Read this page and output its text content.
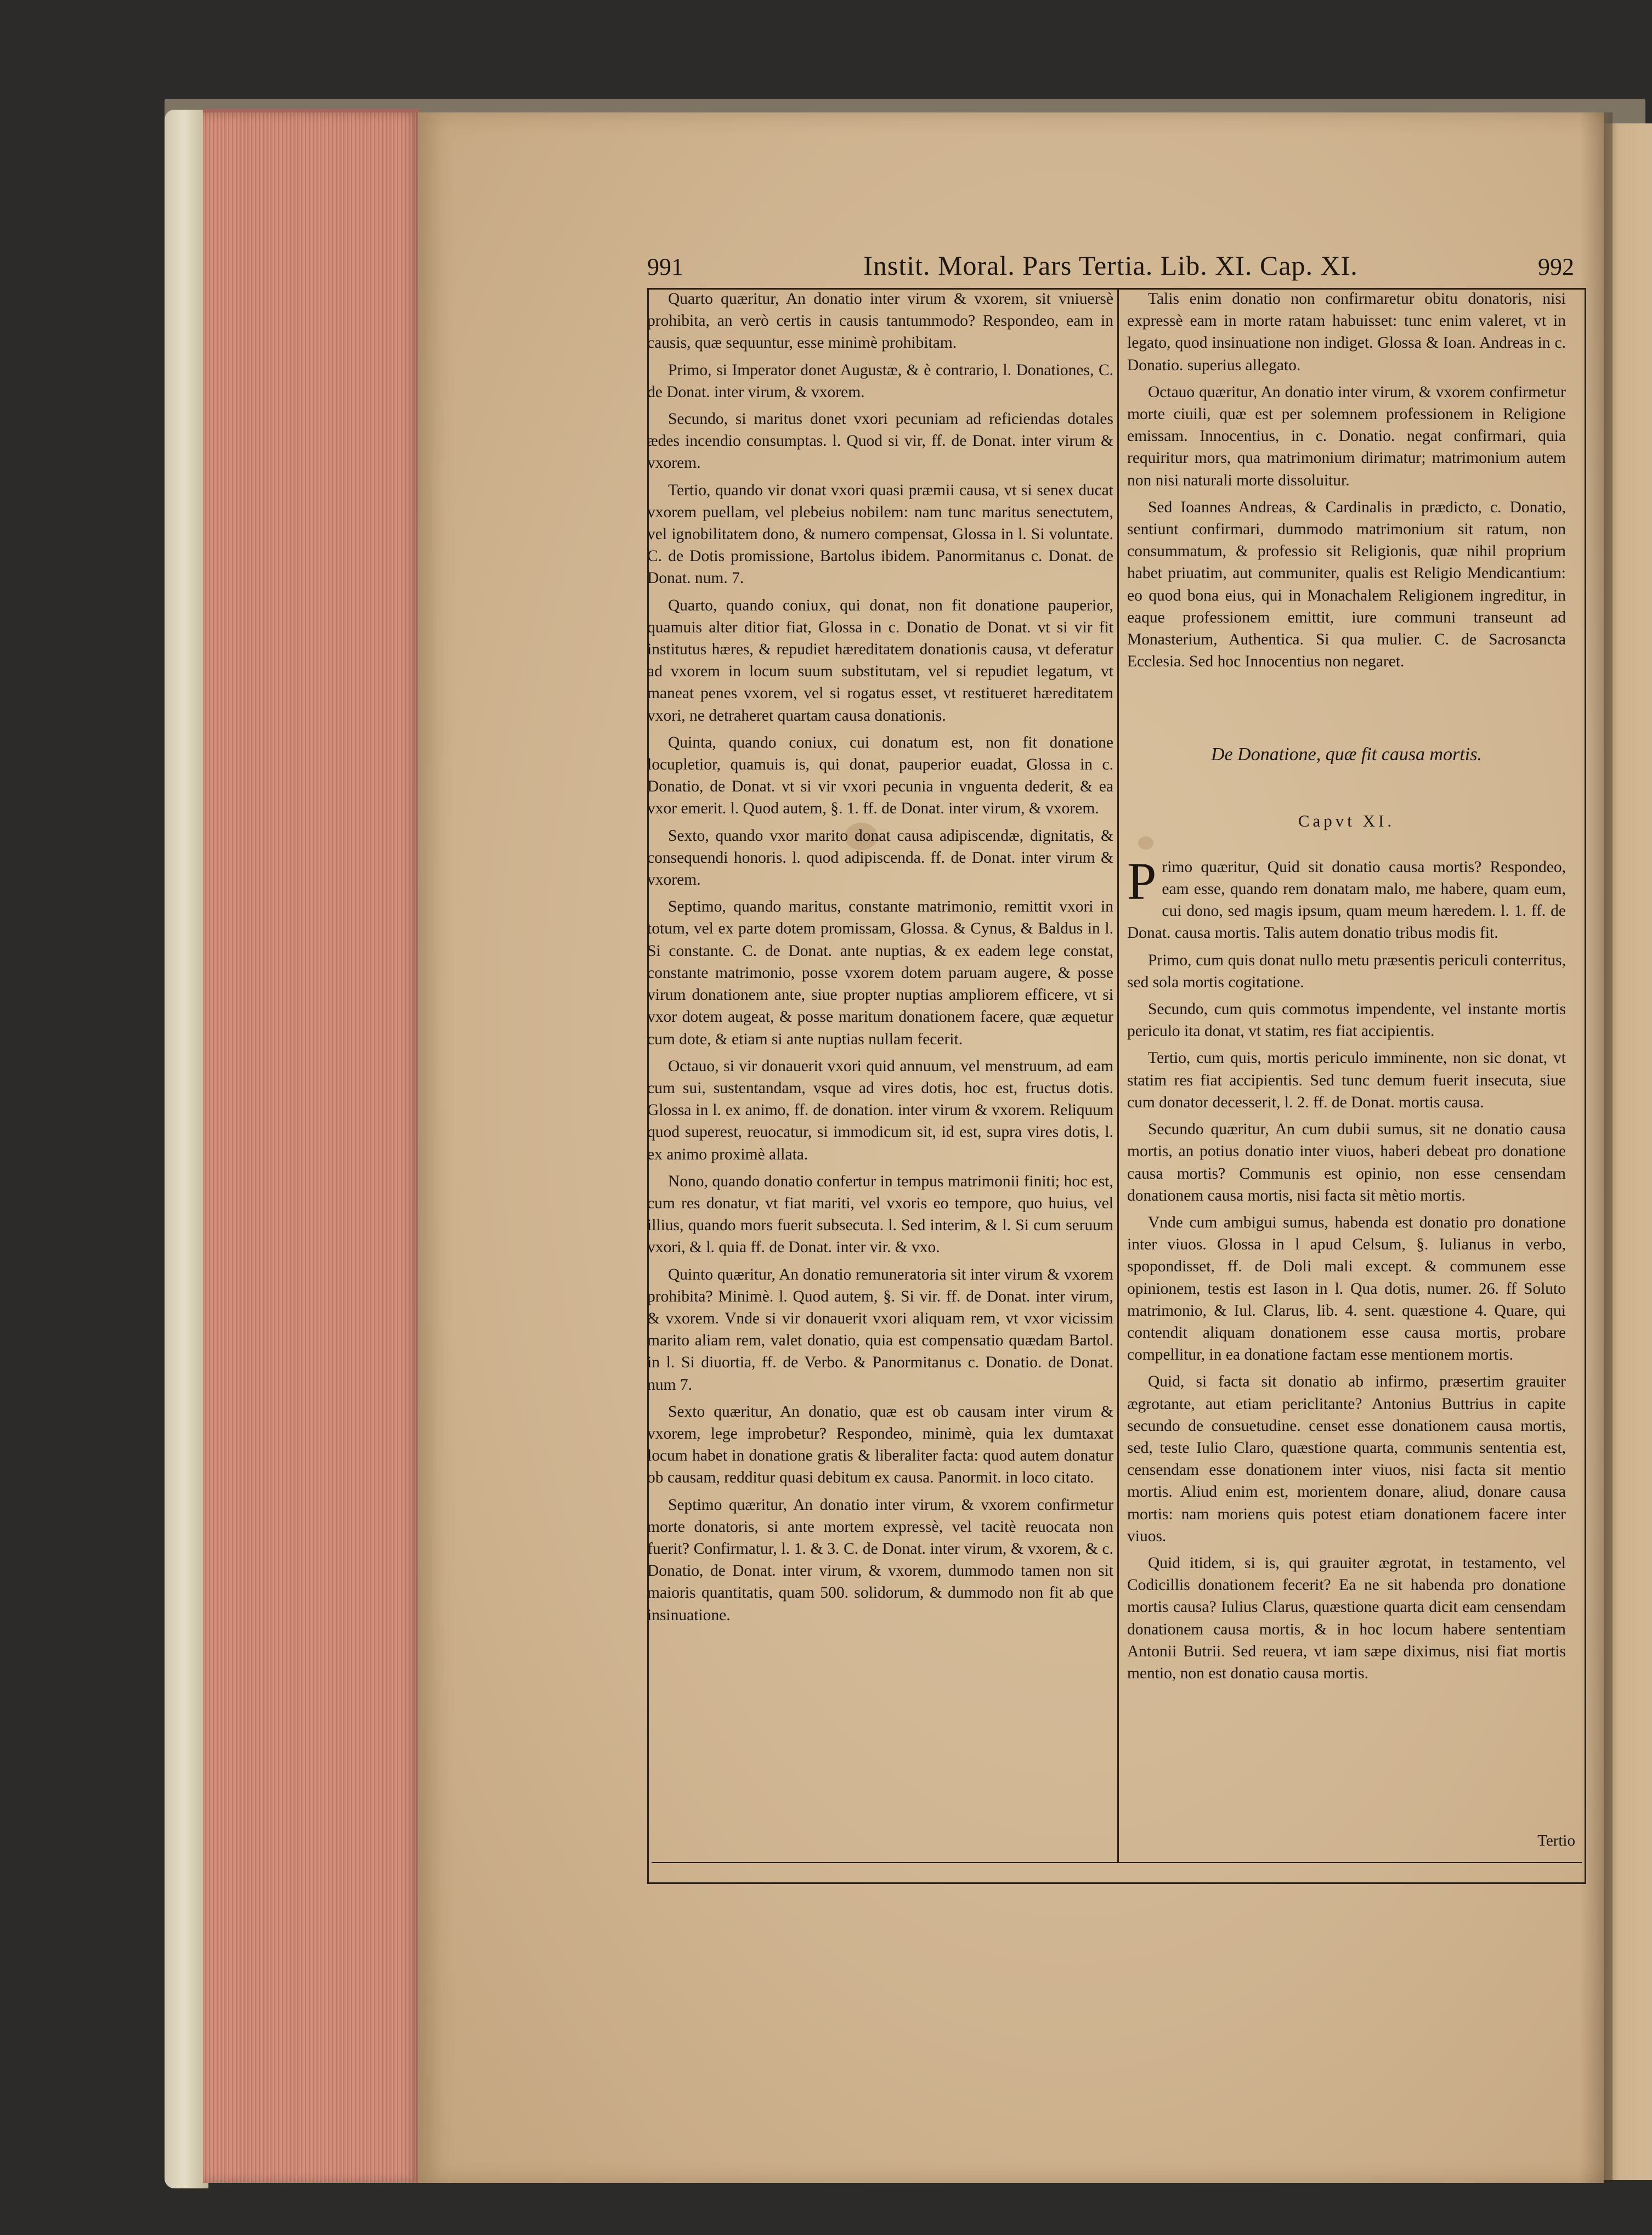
991	Instit. Moral. Pars Tertia. Lib. XI. Cap. XI.	992

Quarto quæritur, An donatio inter virum & vxorem, sit vniuersè prohibita, an verò certis in causis tantummodo? Respondeo, eam in causis, quæ sequuntur, esse minimè prohibitam.

Primo, si Imperator donet Augustæ, & è contrario, l. Donationes, C. de Donat. inter virum, & vxorem.

Secundo, si maritus donet vxori pecuniam ad reficiendas dotales ædes incendio consumptas. l. Quod si vir, ff. de Donat. inter virum & vxorem.

Tertio, quando vir donat vxori quasi præmii causa, vt si senex ducat vxorem puellam, vel plebeius nobilem: nam tunc maritus senectutem, vel ignobilitatem dono, & numero compensat, Glossa in l. Si voluntate. C. de Dotis promissione, Bartolus ibidem. Panormitanus c. Donat. de Donat. num. 7.

Quarto, quando coniux, qui donat, non fit donatione pauperior, quamuis alter ditior fiat, Glossa in c. Donatio de Donat. vt si vir fit institutus hæres, & repudiet hæreditatem donationis causa, vt deferatur ad vxorem in locum suum substitutam, vel si repudiet legatum, vt maneat penes vxorem, vel si rogatus esset, vt restitueret hæreditatem vxori, ne detraheret quartam causa donationis.

Quinta, quando coniux, cui donatum est, non fit donatione locupletior, quamuis is, qui donat, pauperior euadat, Glossa in c. Donatio, de Donat. vt si vir vxori pecunia in vnguenta dederit, & ea vxor emerit. l. Quod autem, §. 1. ff. de Donat. inter virum, & vxorem.

Sexto, quando vxor marito donat causa adipiscendæ, dignitatis, & consequendi honoris. l. quod adipiscenda. ff. de Donat. inter virum & vxorem.

Septimo, quando maritus, constante matrimonio, remittit vxori in totum, vel ex parte dotem promissam, Glossa. & Cynus, & Baldus in l. Si constante. C. de Donat. ante nuptias, & ex eadem lege constat, constante matrimonio, posse vxorem dotem paruam augere, & posse virum donationem ante, siue propter nuptias ampliorem efficere, vt si vxor dotem augeat, & posse maritum donationem facere, quæ æquetur cum dote, & etiam si ante nuptias nullam fecerit.

Octauo, si vir donauerit vxori quid annuum, vel menstruum, ad eam cum sui, sustentandam, vsque ad vires dotis, hoc est, fructus dotis. Glossa in l. ex animo, ff. de donation. inter virum & vxorem. Reliquum quod superest, reuocatur, si immodicum sit, id est, supra vires dotis, l. ex animo proximè allata.

Nono, quando donatio confertur in tempus matrimonii finiti; hoc est, cum res donatur, vt fiat mariti, vel vxoris eo tempore, quo huius, vel illius, quando mors fuerit subsecuta. l. Sed interim, & l. Si cum seruum vxori, & l. quia ff. de Donat. inter vir. & vxo.

Quinto quæritur, An donatio remuneratoria sit inter virum & vxorem prohibita? Minimè. l. Quod autem, §. Si vir. ff. de Donat. inter virum, & vxorem. Vnde si vir donauerit vxori aliquam rem, vt vxor vicissim marito aliam rem, valet donatio, quia est compensatio quædam Bartol. in l. Si diuortia, ff. de Verbo. & Panormitanus c. Donatio. de Donat. num 7.

Sexto quæritur, An donatio, quæ est ob causam inter virum & vxorem, lege improbetur? Respondeo, minimè, quia lex dumtaxat locum habet in donatione gratis & liberaliter facta: quod autem donatur ob causam, redditur quasi debitum ex causa. Panormit. in loco citato.

Septimo quæritur, An donatio inter virum, & vxorem confirmetur morte donatoris, si ante mortem expressè, vel tacitè reuocata non fuerit? Confirmatur, l. 1. & 3. C. de Donat. inter virum, & vxorem, & c. Donatio, de Donat. inter virum, & vxorem, dummodo tamen non sit maioris quantitatis, quam 500. solidorum, & dummodo non fit ab que insinuatione.

Talis enim donatio non confirmaretur obitu donatoris, nisi expressè eam in morte ratam habuisset: tunc enim valeret, vt in legato, quod insinuatione non indiget. Glossa & Ioan. Andreas in c. Donatio. superius allegato.

Octauo quæritur, An donatio inter virum, & vxorem confirmetur morte ciuili, quæ est per solemnem professionem in Religione emissam. Innocentius, in c. Donatio. negat confirmari, quia requiritur mors, qua matrimonium dirimatur; matrimonium autem non nisi naturali morte dissoluitur.

Sed Ioannes Andreas, & Cardinalis in prædicto, c. Donatio, sentiunt confirmari, dummodo matrimonium sit ratum, non consummatum, & professio sit Religionis, quæ nihil proprium habet priuatim, aut communiter, qualis est Religio Mendicantium: eo quod bona eius, qui in Monachalem Religionem ingreditur, in eaque professionem emittit, iure communi transeunt ad Monasterium, Authentica. Si qua mulier. C. de Sacrosancta Ecclesia. Sed hoc Innocentius non negaret.

De Donatione, quæ fit causa mortis.

Capvt XI.

Primo quæritur, Quid sit donatio causa mortis? Respondeo, eam esse, quando rem donatam malo, me habere, quam eum, cui dono, sed magis ipsum, quam meum hæredem. l. 1. ff. de Donat. causa mortis. Talis autem donatio tribus modis fit.

Primo, cum quis donat nullo metu præsentis periculi conterritus, sed sola mortis cogitatione.

Secundo, cum quis commotus impendente, vel instante mortis periculo ita donat, vt statim, res fiat accipientis.

Tertio, cum quis, mortis periculo imminente, non sic donat, vt statim res fiat accipientis. Sed tunc demum fuerit insecuta, siue cum donator decesserit, l. 2. ff. de Donat. mortis causa.

Secundo quæritur, An cum dubii sumus, sit ne donatio causa mortis, an potius donatio inter viuos, haberi debeat pro donatione causa mortis? Communis est opinio, non esse censendam donationem causa mortis, nisi facta sit mètio mortis.

Vnde cum ambigui sumus, habenda est donatio pro donatione inter viuos. Glossa in l apud Celsum, §. Iulianus in verbo, spopondisset, ff. de Doli mali except. & communem esse opinionem, testis est Iason in l. Qua dotis, numer. 26. ff Soluto matrimonio, & Iul. Clarus, lib. 4. sent. quæstione 4. Quare, qui contendit aliquam donationem esse causa mortis, probare compellitur, in ea donatione factam esse mentionem mortis.

Quid, si facta sit donatio ab infirmo, præsertim grauiter ægrotante, aut etiam periclitante? Antonius Buttrius in capite secundo de consuetudine. censet esse donationem causa mortis, sed, teste Iulio Claro, quæstione quarta, communis sententia est, censendam esse donationem inter viuos, nisi facta sit mentio mortis. Aliud enim est, morientem donare, aliud, donare causa mortis: nam moriens quis potest etiam donationem facere inter viuos.

Quid itidem, si is, qui grauiter ægrotat, in testamento, vel Codicillis donationem fecerit? Ea ne sit habenda pro donatione mortis causa? Iulius Clarus, quæstione quarta dicit eam censendam donationem causa mortis, & in hoc locum habere sententiam Antonii Butrii. Sed reuera, vt iam sæpe diximus, nisi fiat mortis mentio, non est donatio causa mortis.

Tertio
